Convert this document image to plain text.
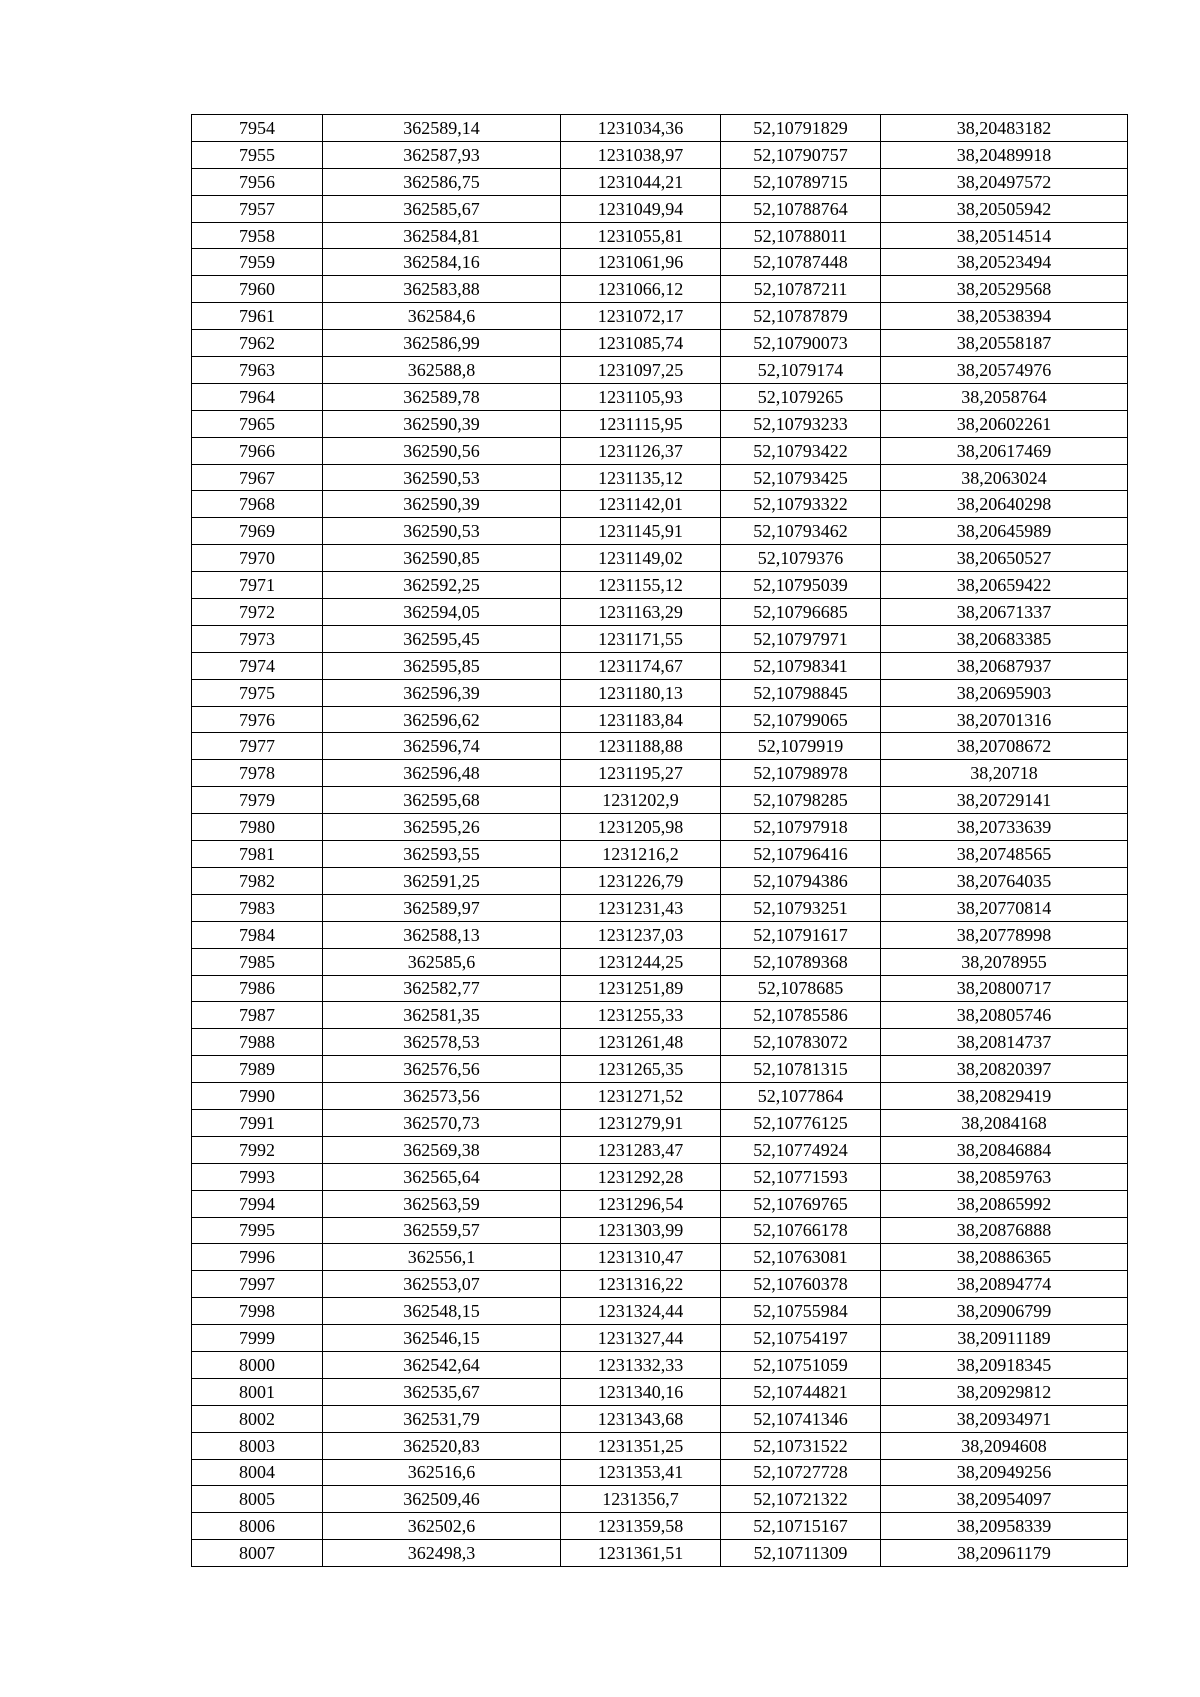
7954	362589,14	1231034,36	52,10791829	38,20483182
7955	362587,93	1231038,97	52,10790757	38,20489918
7956	362586,75	1231044,21	52,10789715	38,20497572
7957	362585,67	1231049,94	52,10788764	38,20505942
7958	362584,81	1231055,81	52,10788011	38,20514514
7959	362584,16	1231061,96	52,10787448	38,20523494
7960	362583,88	1231066,12	52,10787211	38,20529568
7961	362584,6	1231072,17	52,10787879	38,20538394
7962	362586,99	1231085,74	52,10790073	38,20558187
7963	362588,8	1231097,25	52,1079174	38,20574976
7964	362589,78	1231105,93	52,1079265	38,2058764
7965	362590,39	1231115,95	52,10793233	38,20602261
7966	362590,56	1231126,37	52,10793422	38,20617469
7967	362590,53	1231135,12	52,10793425	38,2063024
7968	362590,39	1231142,01	52,10793322	38,20640298
7969	362590,53	1231145,91	52,10793462	38,20645989
7970	362590,85	1231149,02	52,1079376	38,20650527
7971	362592,25	1231155,12	52,10795039	38,20659422
7972	362594,05	1231163,29	52,10796685	38,20671337
7973	362595,45	1231171,55	52,10797971	38,20683385
7974	362595,85	1231174,67	52,10798341	38,20687937
7975	362596,39	1231180,13	52,10798845	38,20695903
7976	362596,62	1231183,84	52,10799065	38,20701316
7977	362596,74	1231188,88	52,1079919	38,20708672
7978	362596,48	1231195,27	52,10798978	38,20718
7979	362595,68	1231202,9	52,10798285	38,20729141
7980	362595,26	1231205,98	52,10797918	38,20733639
7981	362593,55	1231216,2	52,10796416	38,20748565
7982	362591,25	1231226,79	52,10794386	38,20764035
7983	362589,97	1231231,43	52,10793251	38,20770814
7984	362588,13	1231237,03	52,10791617	38,20778998
7985	362585,6	1231244,25	52,10789368	38,2078955
7986	362582,77	1231251,89	52,1078685	38,20800717
7987	362581,35	1231255,33	52,10785586	38,20805746
7988	362578,53	1231261,48	52,10783072	38,20814737
7989	362576,56	1231265,35	52,10781315	38,20820397
7990	362573,56	1231271,52	52,1077864	38,20829419
7991	362570,73	1231279,91	52,10776125	38,2084168
7992	362569,38	1231283,47	52,10774924	38,20846884
7993	362565,64	1231292,28	52,10771593	38,20859763
7994	362563,59	1231296,54	52,10769765	38,20865992
7995	362559,57	1231303,99	52,10766178	38,20876888
7996	362556,1	1231310,47	52,10763081	38,20886365
7997	362553,07	1231316,22	52,10760378	38,20894774
7998	362548,15	1231324,44	52,10755984	38,20906799
7999	362546,15	1231327,44	52,10754197	38,20911189
8000	362542,64	1231332,33	52,10751059	38,20918345
8001	362535,67	1231340,16	52,10744821	38,20929812
8002	362531,79	1231343,68	52,10741346	38,20934971
8003	362520,83	1231351,25	52,10731522	38,2094608
8004	362516,6	1231353,41	52,10727728	38,20949256
8005	362509,46	1231356,7	52,10721322	38,20954097
8006	362502,6	1231359,58	52,10715167	38,20958339
8007	362498,3	1231361,51	52,10711309	38,20961179
